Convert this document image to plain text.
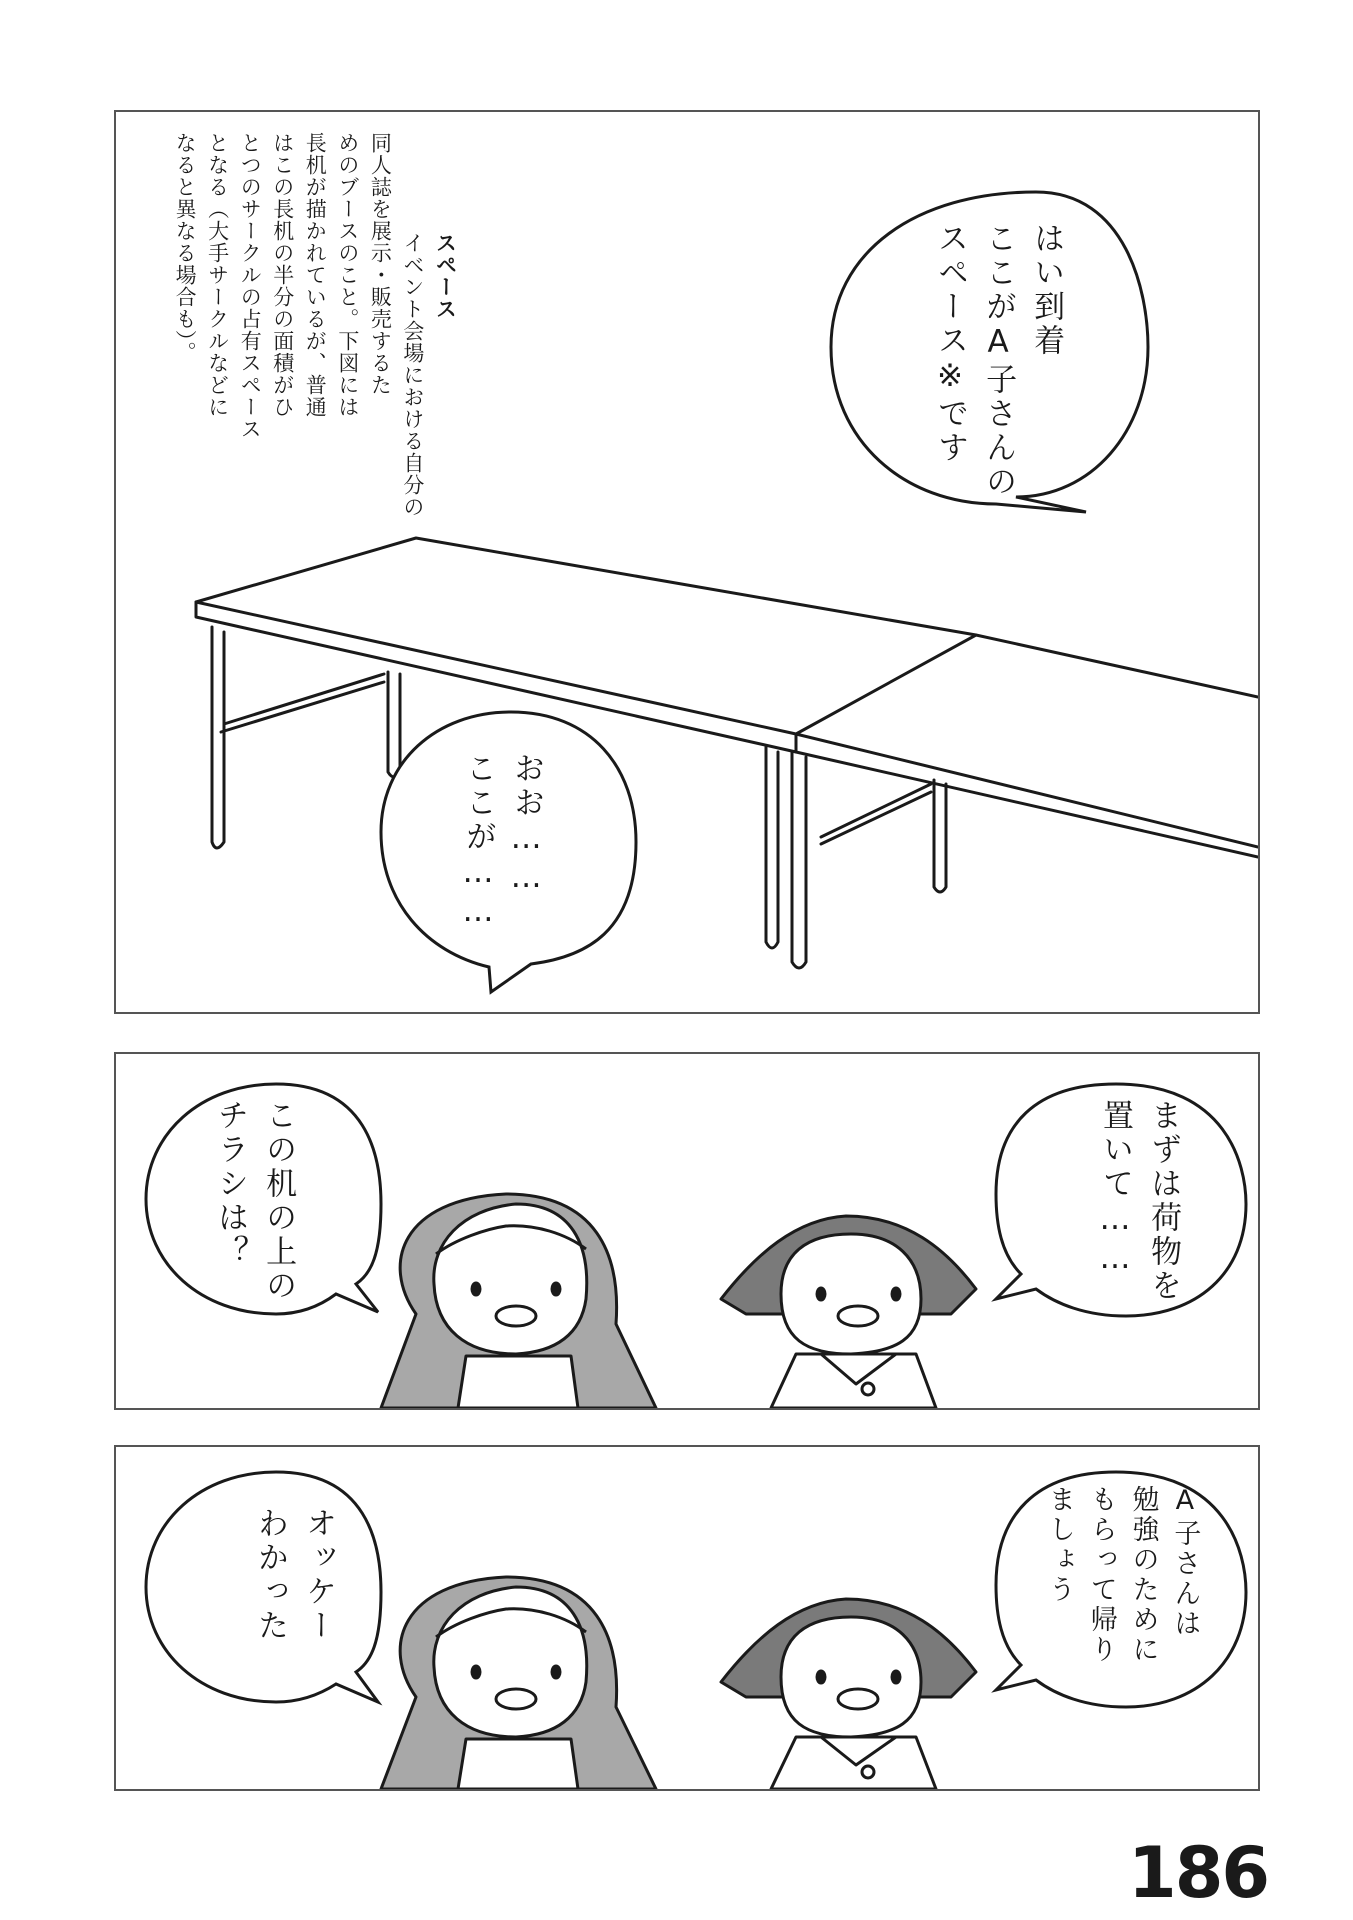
スペース
イベント会場における自分の
同人誌を展示・販売するた
めのブースのこと。下図には
長机が描かれているが、普通
はこの長机の半分の面積がひ
とつのサークルの占有スペース
となる（大手サークルなどに
なると異なる場合も）。
	はい到着
ここがA子さんの
スペース※です
おお……
ここが……
この机の上の
チラシは？	まずは荷物を
置いて……
オッケー
わかった	A子さんは
勉強のために
もらって帰り
ましょう
186
